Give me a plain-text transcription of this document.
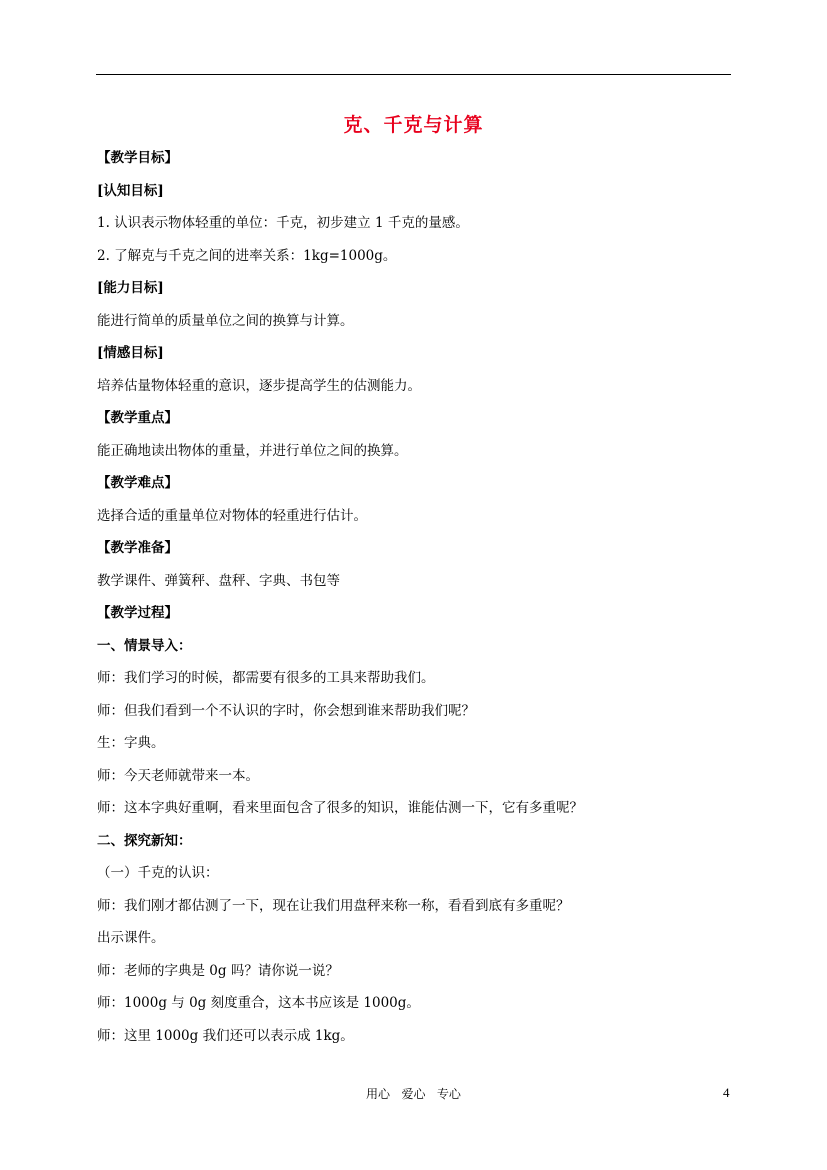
克、千克与计算
【教学目标】
[认知目标]
1. 认识表示物体轻重的单位：千克，初步建立 1 千克的量感。
2. 了解克与千克之间的进率关系：1kg=1000g。
[能力目标]
能进行简单的质量单位之间的换算与计算。
[情感目标]
培养估量物体轻重的意识，逐步提高学生的估测能力。
【教学重点】
能正确地读出物体的重量，并进行单位之间的换算。
【教学难点】
选择合适的重量单位对物体的轻重进行估计。
【教学准备】
教学课件、弹簧秤、盘秤、字典、书包等
【教学过程】
一、情景导入：
师：我们学习的时候，都需要有很多的工具来帮助我们。
师：但我们看到一个不认识的字时，你会想到谁来帮助我们呢？
生：字典。
师：今天老师就带来一本。
师：这本字典好重啊，看来里面包含了很多的知识，谁能估测一下，它有多重呢？
二、探究新知：
（一）千克的认识：
师：我们刚才都估测了一下，现在让我们用盘秤来称一称，看看到底有多重呢？
出示课件。
师：老师的字典是 0g 吗？请你说一说？
师：1000g 与 0g 刻度重合，这本书应该是 1000g。
师：这里 1000g 我们还可以表示成 1kg。
用心   爱心   专心	4
